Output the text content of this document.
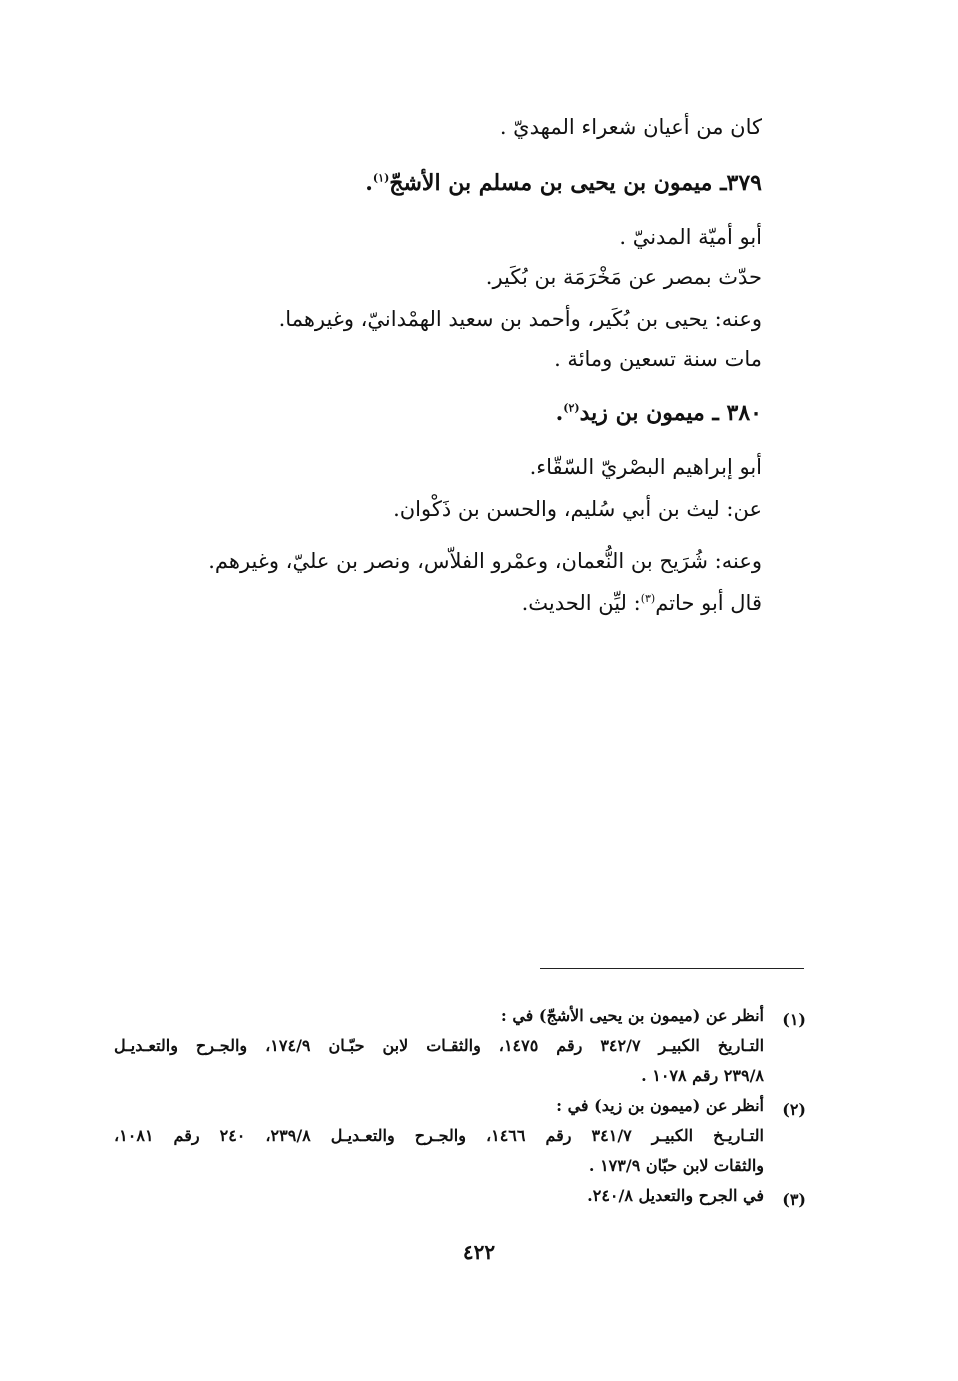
كان من أعيان شعراء المهديّ .
٣٧٩ـ ميمون بن يحيى بن مسلم بن الأشجّ$^{(١)}$.
أبو أميّة المدنيّ .
حدّث بمصر عن مَخْرَمَة بن بُكَير.
وعنه: يحيى بن بُكَير، وأحمد بن سعيد الهمْدانيّ، وغيرهما.
مات سنة تسعين ومائة .
٣٨٠ ـ ميمون بن زيد$^{(٢)}$.
أبو إبراهيم البصْريّ السّقّاء.
عن: ليث بن أبي سُليم، والحسن بن ذَكْوان.
وعنه: شُرَيح بن النُّعمان، وعمْرو الفلاّس، ونصر بن عليّ، وغيرهم.
قال أبو حاتم$^{(٣)}$: ليِّن الحديث.
(١)
أنظر عن (ميمون بن يحيى الأشجّ) في :
التـاريخ الكبيـر ٣٤٢/٧ رقم ١٤٧٥، والثقـات لابن حبّـان ١٧٤/٩، والجـرح والتعـديـل
٢٣٩/٨ رقم ١٠٧٨ .
(٢)
أنظر عن (ميمون بن زيد) في :
التـاريـخ الكبيـر ٣٤١/٧ رقم ١٤٦٦، والجـرح والتعـديـل ٢٣٩/٨، ٢٤٠ رقم ١٠٨١،
والثقات لابن حبّان ١٧٣/٩ .
(٣)
في الجرح والتعديل ٢٤٠/٨.
٤٢٢
